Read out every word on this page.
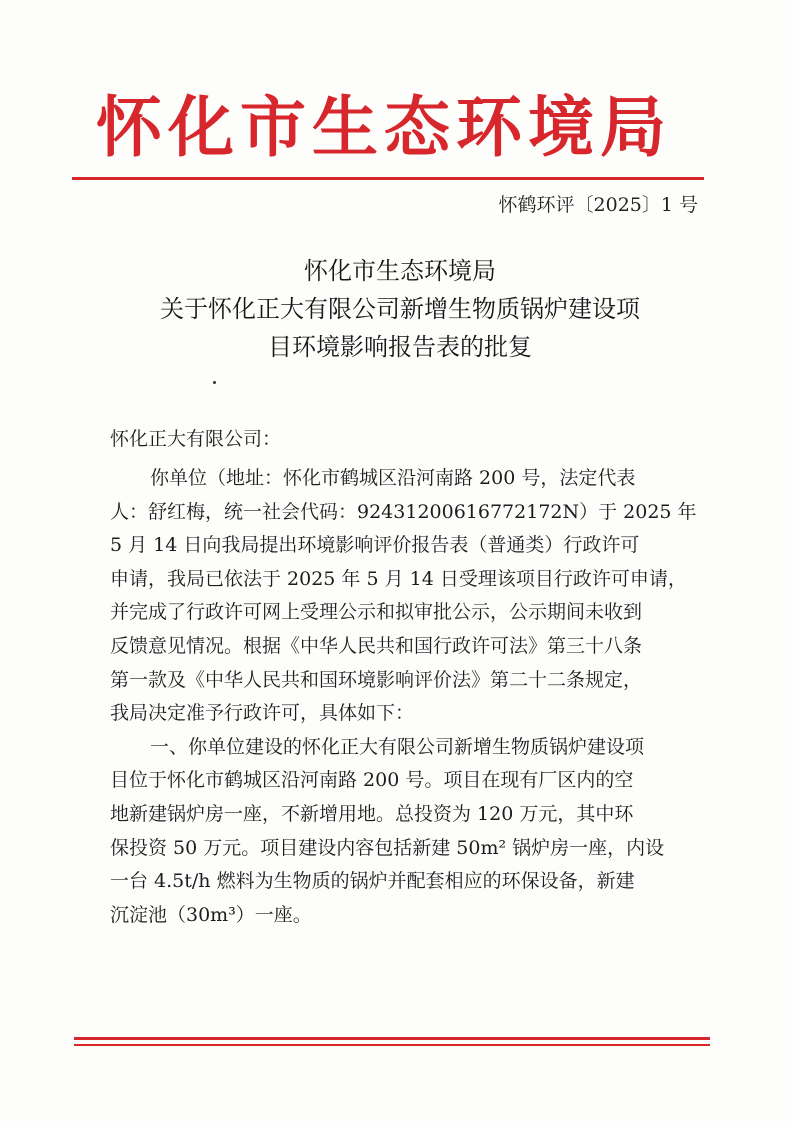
怀化市生态环境局
怀鹤环评〔2025〕1 号
怀化市生态环境局
关于怀化正大有限公司新增生物质锅炉建设项
目环境影响报告表的批复
怀化正大有限公司：
你单位（地址：怀化市鹤城区沿河南路 200 号，法定代表
人：舒红梅，统一社会代码：92431200616772172N）于 2025 年
5 月 14 日向我局提出环境影响评价报告表（普通类）行政许可
申请，我局已依法于 2025 年 5 月 14 日受理该项目行政许可申请，
并完成了行政许可网上受理公示和拟审批公示，公示期间未收到
反馈意见情况。根据《中华人民共和国行政许可法》第三十八条
第一款及《中华人民共和国环境影响评价法》第二十二条规定，
我局决定准予行政许可，具体如下：
一、你单位建设的怀化正大有限公司新增生物质锅炉建设项
目位于怀化市鹤城区沿河南路 200 号。项目在现有厂区内的空
地新建锅炉房一座，不新增用地。总投资为 120 万元，其中环
保投资 50 万元。项目建设内容包括新建 50m² 锅炉房一座，内设
一台 4.5t/h 燃料为生物质的锅炉并配套相应的环保设备，新建
沉淀池（30m³）一座。
